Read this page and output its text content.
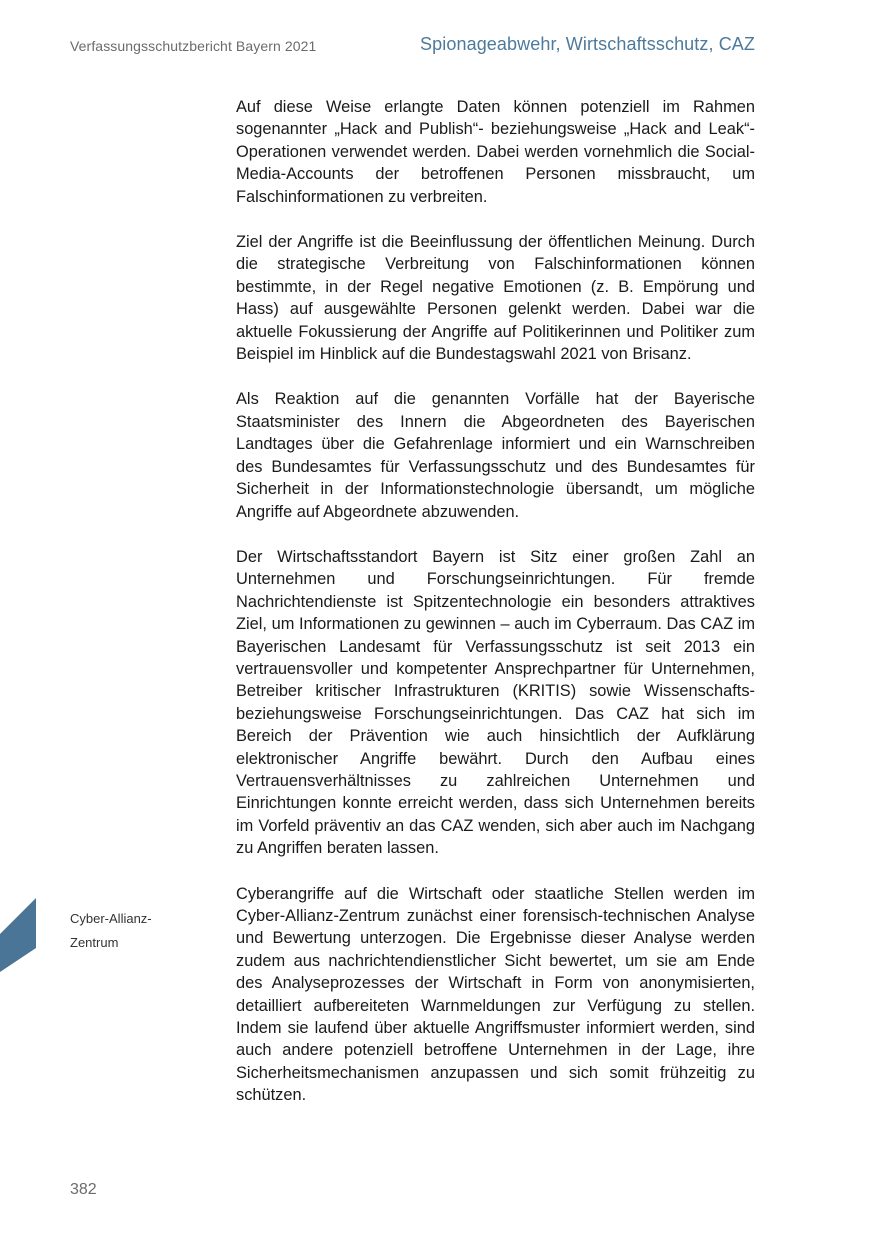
Verfassungsschutzbericht Bayern 2021	Spionageabwehr, Wirtschaftsschutz, CAZ
Cyber-Allianz-
Zentrum

Auf diese Weise erlangte Daten können potenziell im Rahmen sogenannter „Hack and Publish“- beziehungsweise „Hack and Leak“-Operationen verwendet werden. Dabei werden vornehmlich die Social-Media-Accounts der betroffenen Personen missbraucht, um Falschinformationen zu verbreiten.

Ziel der Angriffe ist die Beeinflussung der öffentlichen Meinung. Durch die strategische Verbreitung von Falschinformationen können bestimmte, in der Regel negative Emotionen (z. B. Empörung und Hass) auf ausgewählte Personen gelenkt werden. Dabei war die aktuelle Fokussierung der Angriffe auf Politikerinnen und Politiker zum Beispiel im Hinblick auf die Bundestagswahl 2021 von Brisanz.

Als Reaktion auf die genannten Vorfälle hat der Bayerische Staatsminister des Innern die Abgeordneten des Bayerischen Landtages über die Gefahrenlage informiert und ein Warnschreiben des Bundesamtes für Verfassungsschutz und des Bundesamtes für Sicherheit in der Informationstechnologie übersandt, um mögliche Angriffe auf Abgeordnete abzuwenden.

Der Wirtschaftsstandort Bayern ist Sitz einer großen Zahl an Unternehmen und Forschungseinrichtungen. Für fremde Nachrichtendienste ist Spitzentechnologie ein besonders attraktives Ziel, um Informationen zu gewinnen – auch im Cyberraum. Das CAZ im Bayerischen Landesamt für Verfassungsschutz ist seit 2013 ein vertrauensvoller und kompetenter Ansprechpartner für Unternehmen, Betreiber kritischer Infrastrukturen (KRITIS) sowie Wissenschafts- beziehungsweise Forschungseinrichtungen. Das CAZ hat sich im Bereich der Prävention wie auch hinsichtlich der Aufklärung elektronischer Angriffe bewährt. Durch den Aufbau eines Vertrauensverhältnisses zu zahlreichen Unternehmen und Einrichtungen konnte erreicht werden, dass sich Unternehmen bereits im Vorfeld präventiv an das CAZ wenden, sich aber auch im Nachgang zu Angriffen beraten lassen.

Cyberangriffe auf die Wirtschaft oder staatliche Stellen werden im Cyber-Allianz-Zentrum zunächst einer forensisch-technischen Analyse und Bewertung unterzogen. Die Ergebnisse dieser Analyse werden zudem aus nachrichtendienstlicher Sicht bewertet, um sie am Ende des Analyseprozesses der Wirtschaft in Form von anonymisierten, detailliert aufbereiteten Warnmeldungen zur Verfügung zu stellen. Indem sie laufend über aktuelle Angriffsmuster informiert werden, sind auch andere potenziell betroffene Unternehmen in der Lage, ihre Sicherheitsmechanismen anzupassen und sich somit frühzeitig zu schützen.

382
